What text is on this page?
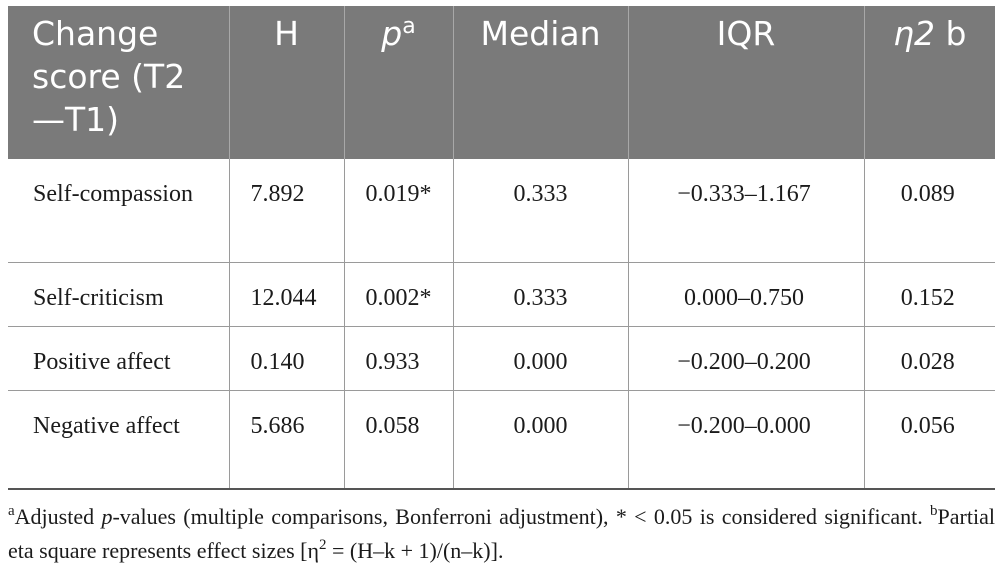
Change score (T2—T1)	H	$p^a$	Median	IQR	η2 b
Self-compassion	7.892	0.019*	0.333	−0.333–1.167	0.089
Self-criticism	12.044	0.002*	0.333	0.000–0.750	0.152
Positive affect	0.140	0.933	0.000	−0.200–0.200	0.028
Negative affect	5.686	0.058	0.000	−0.200–0.000	0.056
$^a$Adjusted p-values (multiple comparisons, Bonferroni adjustment), * < 0.05 is considered significant. $^b$Partial eta square represents effect sizes $[\eta^2 = (H-k + 1)/(n-k)]$.
